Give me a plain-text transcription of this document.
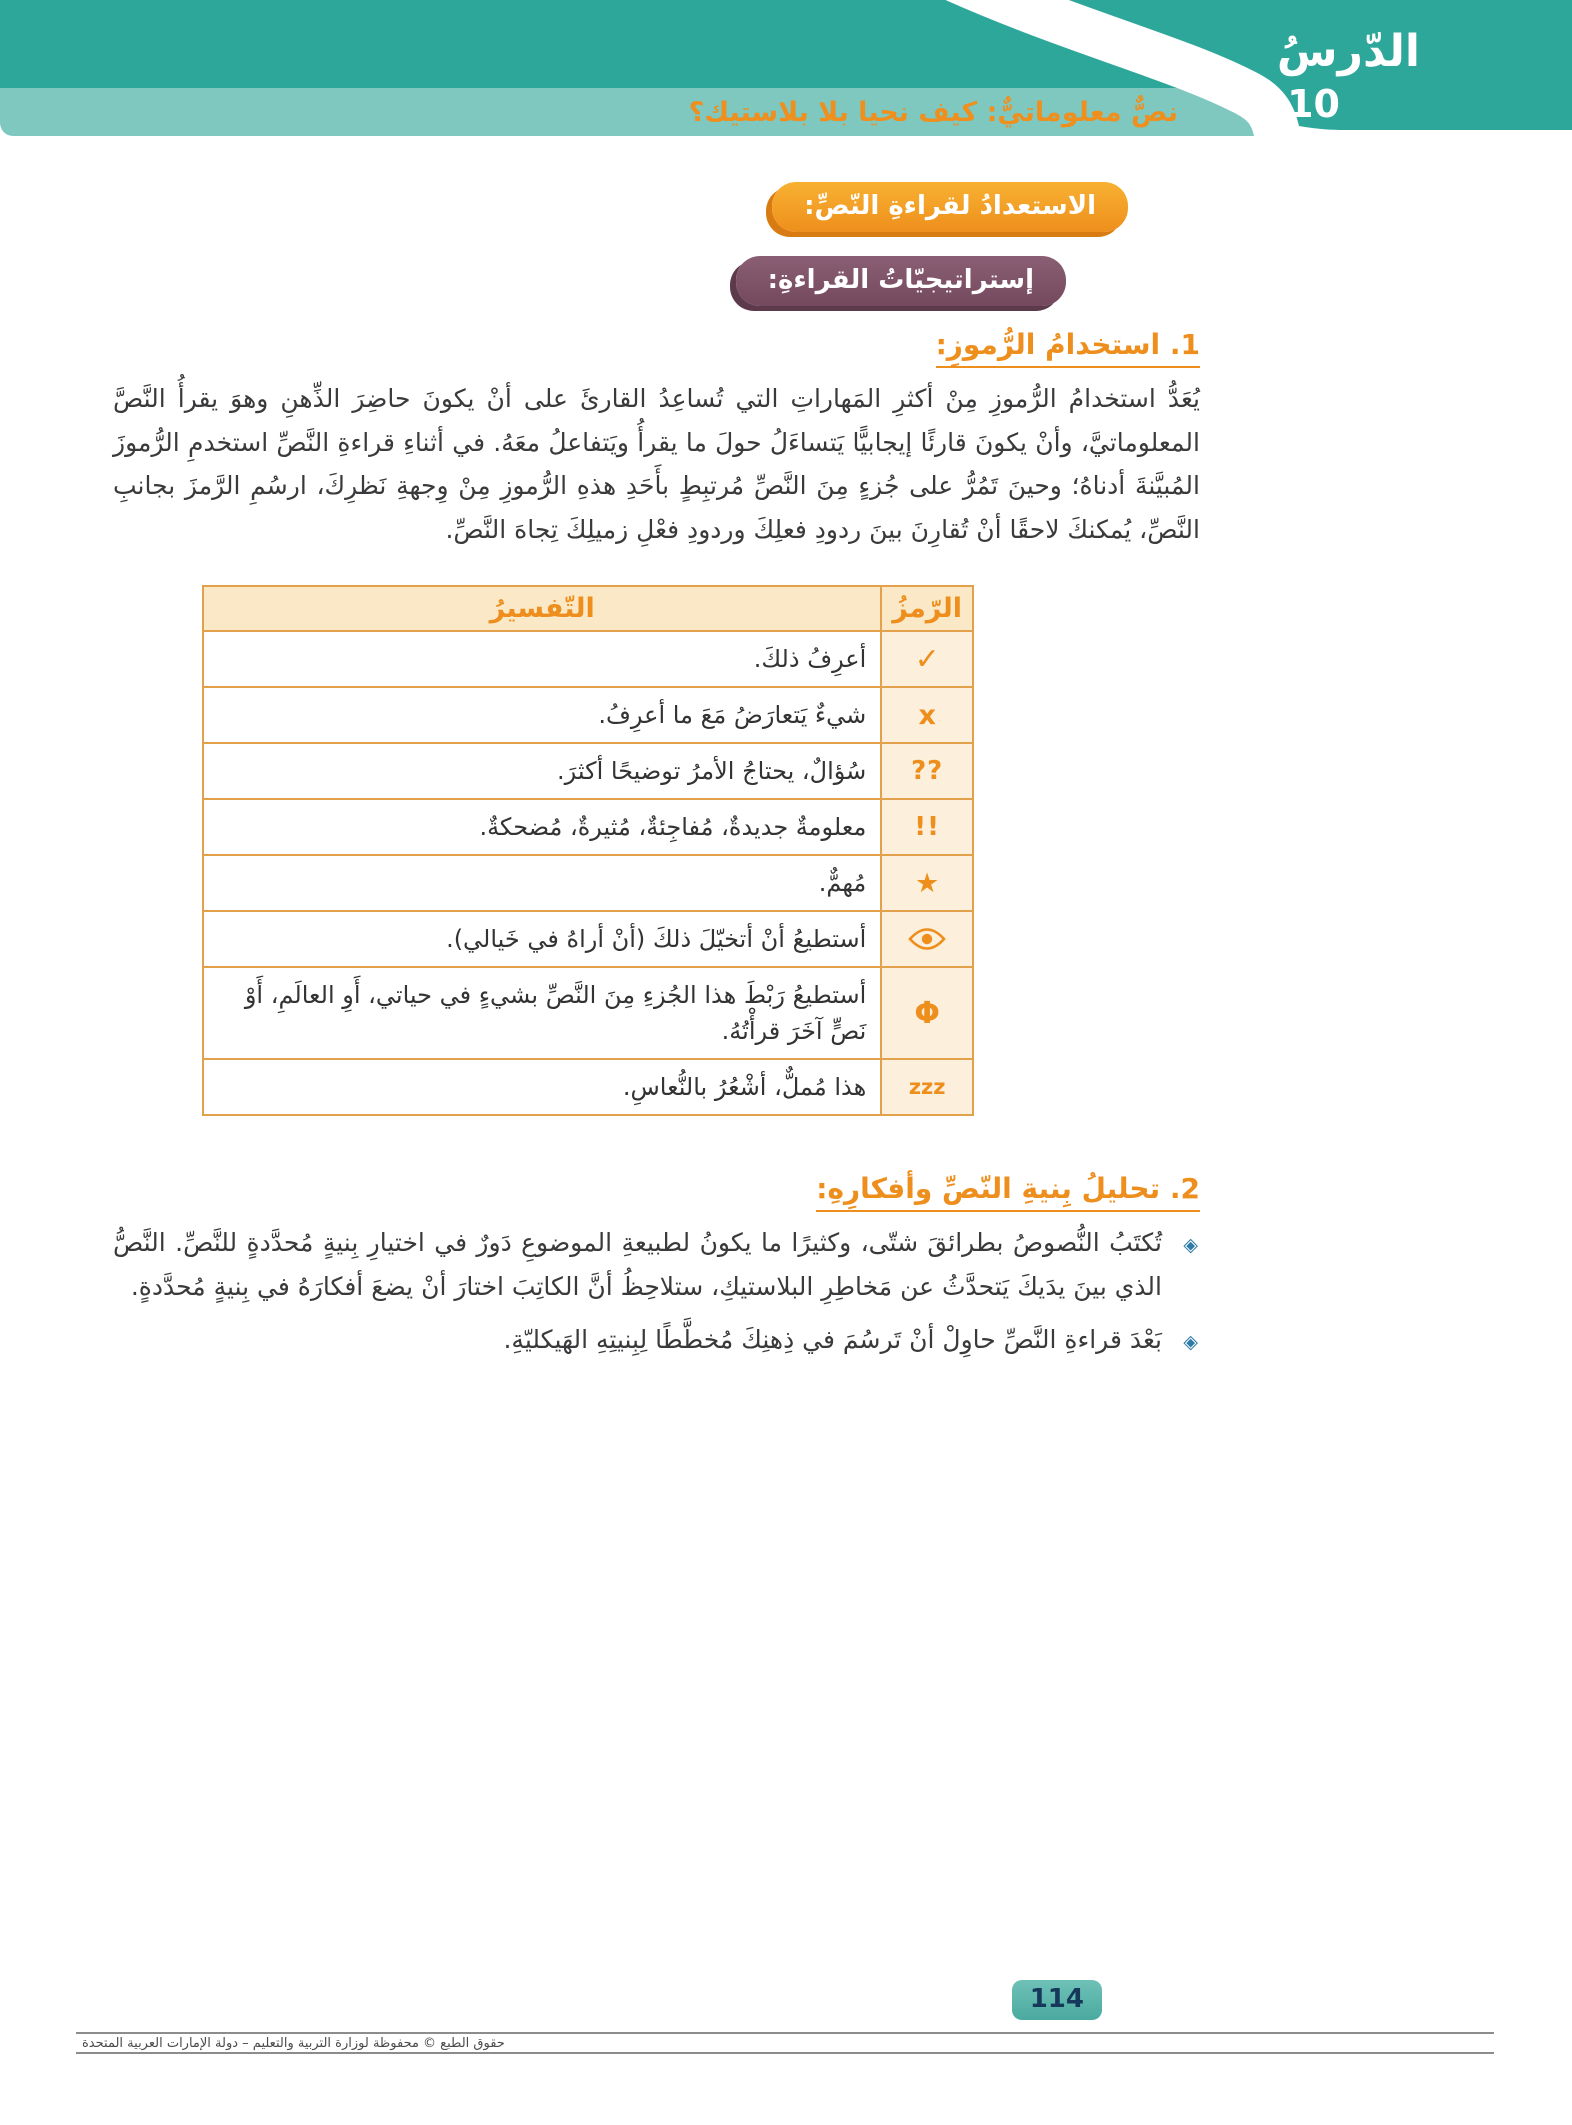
الدّرسُ
10
نصٌّ معلوماتيٌّ: كيف نحيا بلا بلاستيك؟
الاستعدادُ لقراءةِ النّصِّ:
إستراتيجيّاتُ القراءةِ:
1. استخدامُ الرُّموزِ:

يُعَدُّ استخدامُ الرُّموزِ مِنْ أكثرِ المَهاراتِ التي تُساعِدُ القارئَ على أنْ يكونَ حاضِرَ الذِّهنِ وهوَ يقرأُ النَّصَّ المعلوماتيَّ، وأنْ يكونَ قارئًا إيجابيًّا يَتساءَلُ حولَ ما يقرأُ ويَتفاعلُ معَهُ. في أثناءِ قراءةِ النَّصِّ استخدمِ الرُّموزَ المُبيَّنةَ أدناهُ؛ وحينَ تَمُرُّ على جُزءٍ مِنَ النَّصِّ مُرتبِطٍ بأَحَدِ هذهِ الرُّموزِ مِنْ وِجهةِ نَظرِكَ، ارسُمِ الرَّمزَ بجانبِ النَّصِّ، يُمكنكَ لاحقًا أنْ تُقارِنَ بينَ ردودِ فعلِكَ وردودِ فعْلِ زميلِكَ تِجاهَ النَّصِّ.

الرّمزُ	التّفسيرُ
✓	أعرِفُ ذلكَ.
x	شيءٌ يَتعارَضُ مَعَ ما أعرِفُ.
??	سُؤالٌ، يحتاجُ الأمرُ توضيحًا أكثرَ.
!!	معلومةٌ جديدةٌ، مُفاجِئةٌ، مُثيرةٌ، مُضحكةٌ.
★	مُهمٌّ.
	أستطيعُ أنْ أتخيّلَ ذلكَ (أنْ أراهُ في خَيالي).
Φ	أستطيعُ رَبْطَ هذا الجُزءِ مِنَ النَّصِّ بشيءٍ في حياتي، أَوِ العالَمِ، أَوْ نَصٍّ آخَرَ قرأْتُهُ.
zzz	هذا مُملٌّ، أشْعُرُ بالنُّعاسِ.
2. تحليلُ بِنيةِ النّصِّ وأفكارِهِ:
◈
تُكتَبُ النُّصوصُ بطرائقَ شتّى، وكثيرًا ما يكونُ لطبيعةِ الموضوعِ دَورٌ في اختيارِ بِنيةٍ مُحدَّدةٍ للنَّصِّ. النَّصُّ الذي بينَ يدَيكَ يَتحدَّثُ عن مَخاطِرِ البلاستيكِ، ستلاحِظُ أنَّ الكاتِبَ اختارَ أنْ يضعَ أفكارَهُ في بِنيةٍ مُحدَّدةٍ.
◈
بَعْدَ قراءةِ النَّصِّ حاوِلْ أنْ تَرسُمَ في ذِهنِكَ مُخطَّطًا لِبِنيتِهِ الهَيكليّةِ.
114
حقوق الطبع © محفوظة لوزارة التربية والتعليم – دولة الإمارات العربية المتحدة
